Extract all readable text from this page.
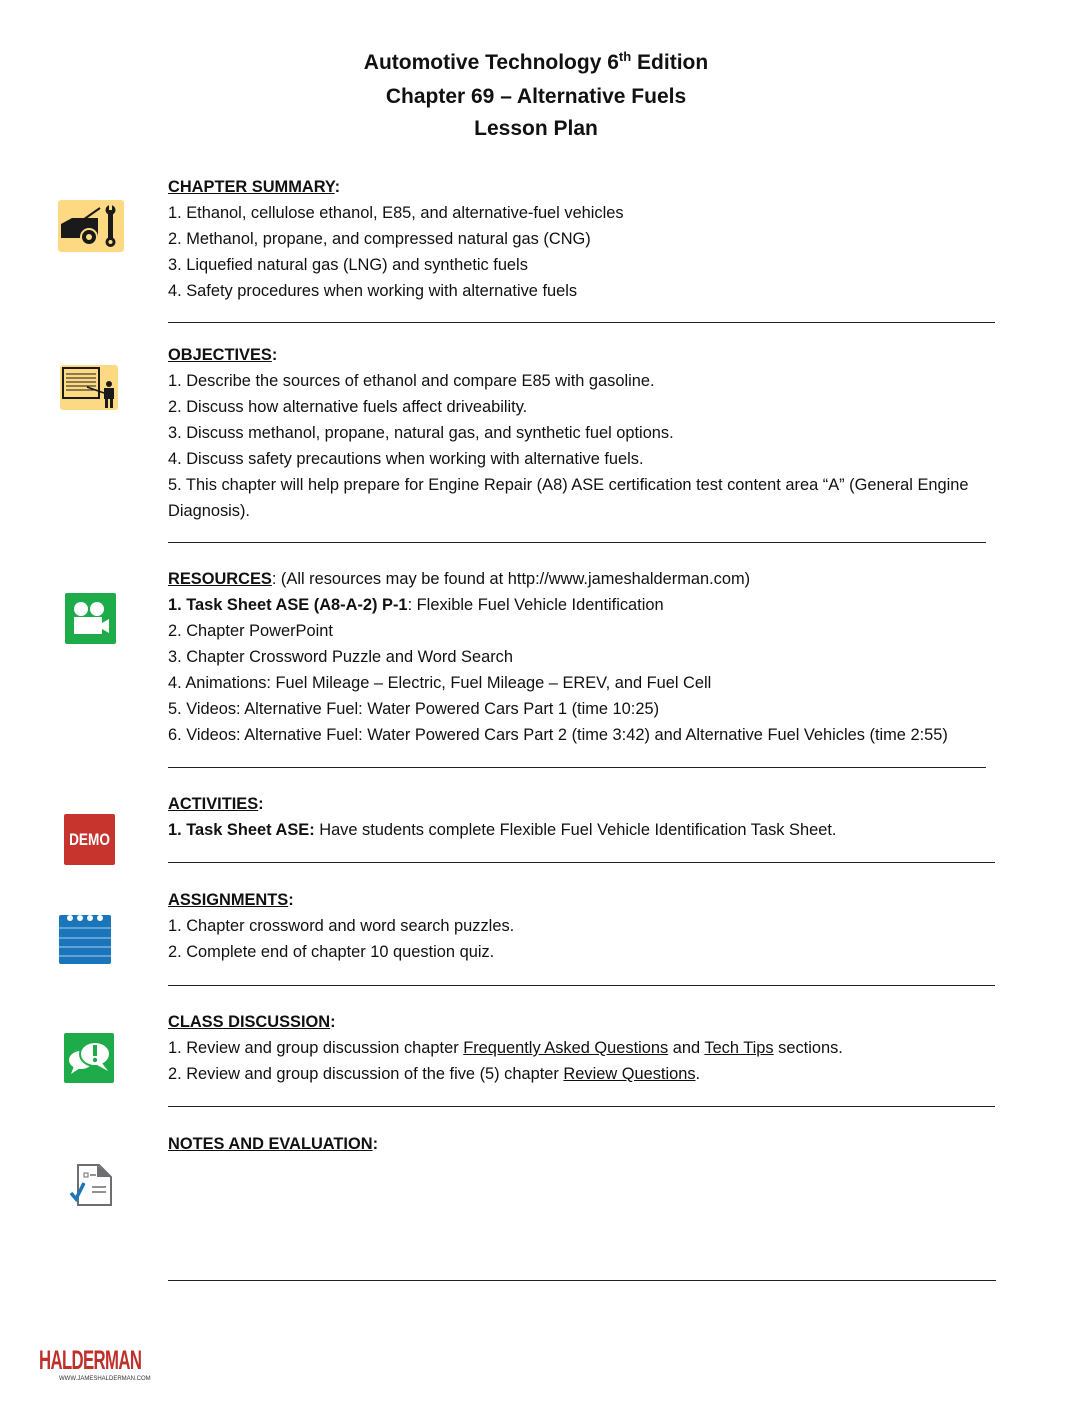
Automotive Technology 6th Edition
Chapter 69 – Alternative Fuels
Lesson Plan
CHAPTER SUMMARY:
1. Ethanol, cellulose ethanol, E85, and alternative-fuel vehicles
2. Methanol, propane, and compressed natural gas (CNG)
3. Liquefied natural gas (LNG) and synthetic fuels
4. Safety procedures when working with alternative fuels
OBJECTIVES:
1. Describe the sources of ethanol and compare E85 with gasoline.
2. Discuss how alternative fuels affect driveability.
3. Discuss methanol, propane, natural gas, and synthetic fuel options.
4. Discuss safety precautions when working with alternative fuels.
5. This chapter will help prepare for Engine Repair (A8) ASE certification test content area “A” (General Engine Diagnosis).
RESOURCES: (All resources may be found at http://www.jameshalderman.com)
1. Task Sheet ASE (A8-A-2) P-1: Flexible Fuel Vehicle Identification
2. Chapter PowerPoint
3. Chapter Crossword Puzzle and Word Search
4. Animations: Fuel Mileage – Electric, Fuel Mileage – EREV, and Fuel Cell
5. Videos: Alternative Fuel: Water Powered Cars Part 1 (time 10:25)
6. Videos: Alternative Fuel: Water Powered Cars Part 2 (time 3:42) and Alternative Fuel Vehicles (time 2:55)
ACTIVITIES:
1. Task Sheet ASE: Have students complete Flexible Fuel Vehicle Identification Task Sheet.
ASSIGNMENTS:
1. Chapter crossword and word search puzzles.
2. Complete end of chapter 10 question quiz.
CLASS DISCUSSION:
1. Review and group discussion chapter Frequently Asked Questions and Tech Tips sections.
2. Review and group discussion of the five (5) chapter Review Questions.
NOTES AND EVALUATION:
DEMO
HALDERMAN
WWW.JAMESHALDERMAN.COM
